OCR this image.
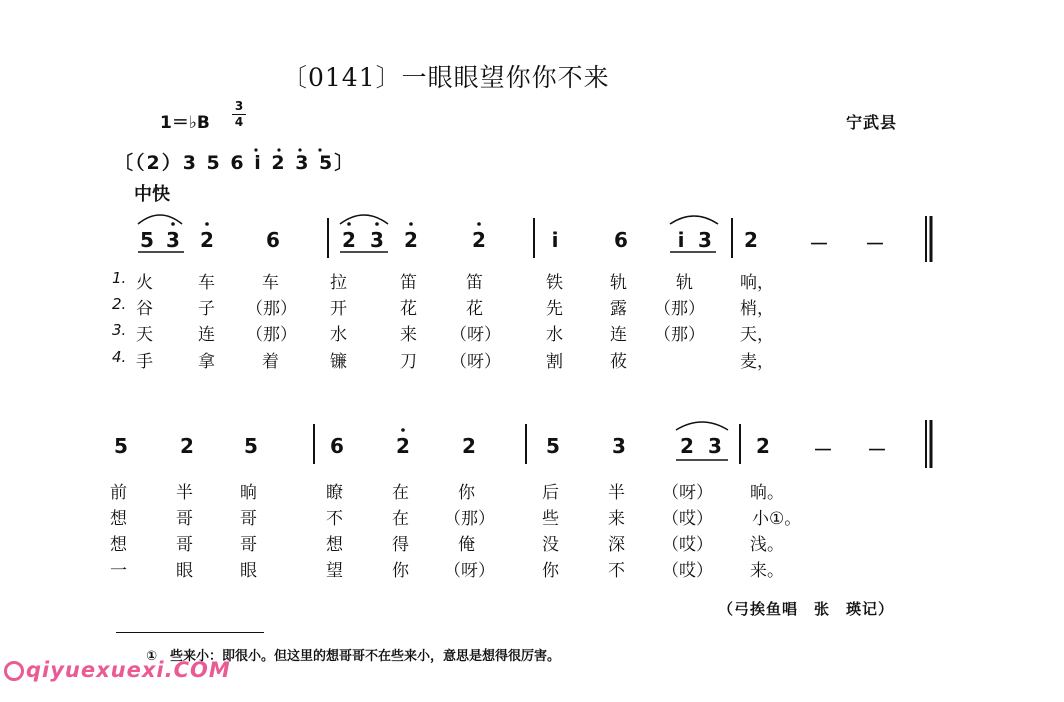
〔0141〕一眼眼望你你不来
1＝♭B
3
4	宁武县
〔（2）3 5 6 i 2 3 5〕
中快
5 3 2	6	2 3 2	2	i	6	i 3 2	－ －
1. 火	车	车	拉	笛	笛	铁	轨	轨	响，
2. 谷	子 （那） 开	花	花	先	露 （那） 梢，
3. 天	连 （那） 水	来 （呀）	水	连 （那） 天，
4. 手	拿	着	镰	刀 （呀）	割	莜	麦，
5	2	5	6	2	2	5	3	2 3 2 － －
前	半	晌	瞭	在	你	后	半 （呀） 晌。
想	哥	哥	不	在 （那）	些	来 （哎） 小①。
想	哥	哥	想	得	俺	没	深 （哎） 浅。
一	眼	眼	望	你 （呀）	你	不 （哎） 来。
（弓挨鱼唱　张　瑛记）
①　些来小：即很小。但这里的想哥哥不在些来小，意思是想得很厉害。
qiyuexuexi.COM
